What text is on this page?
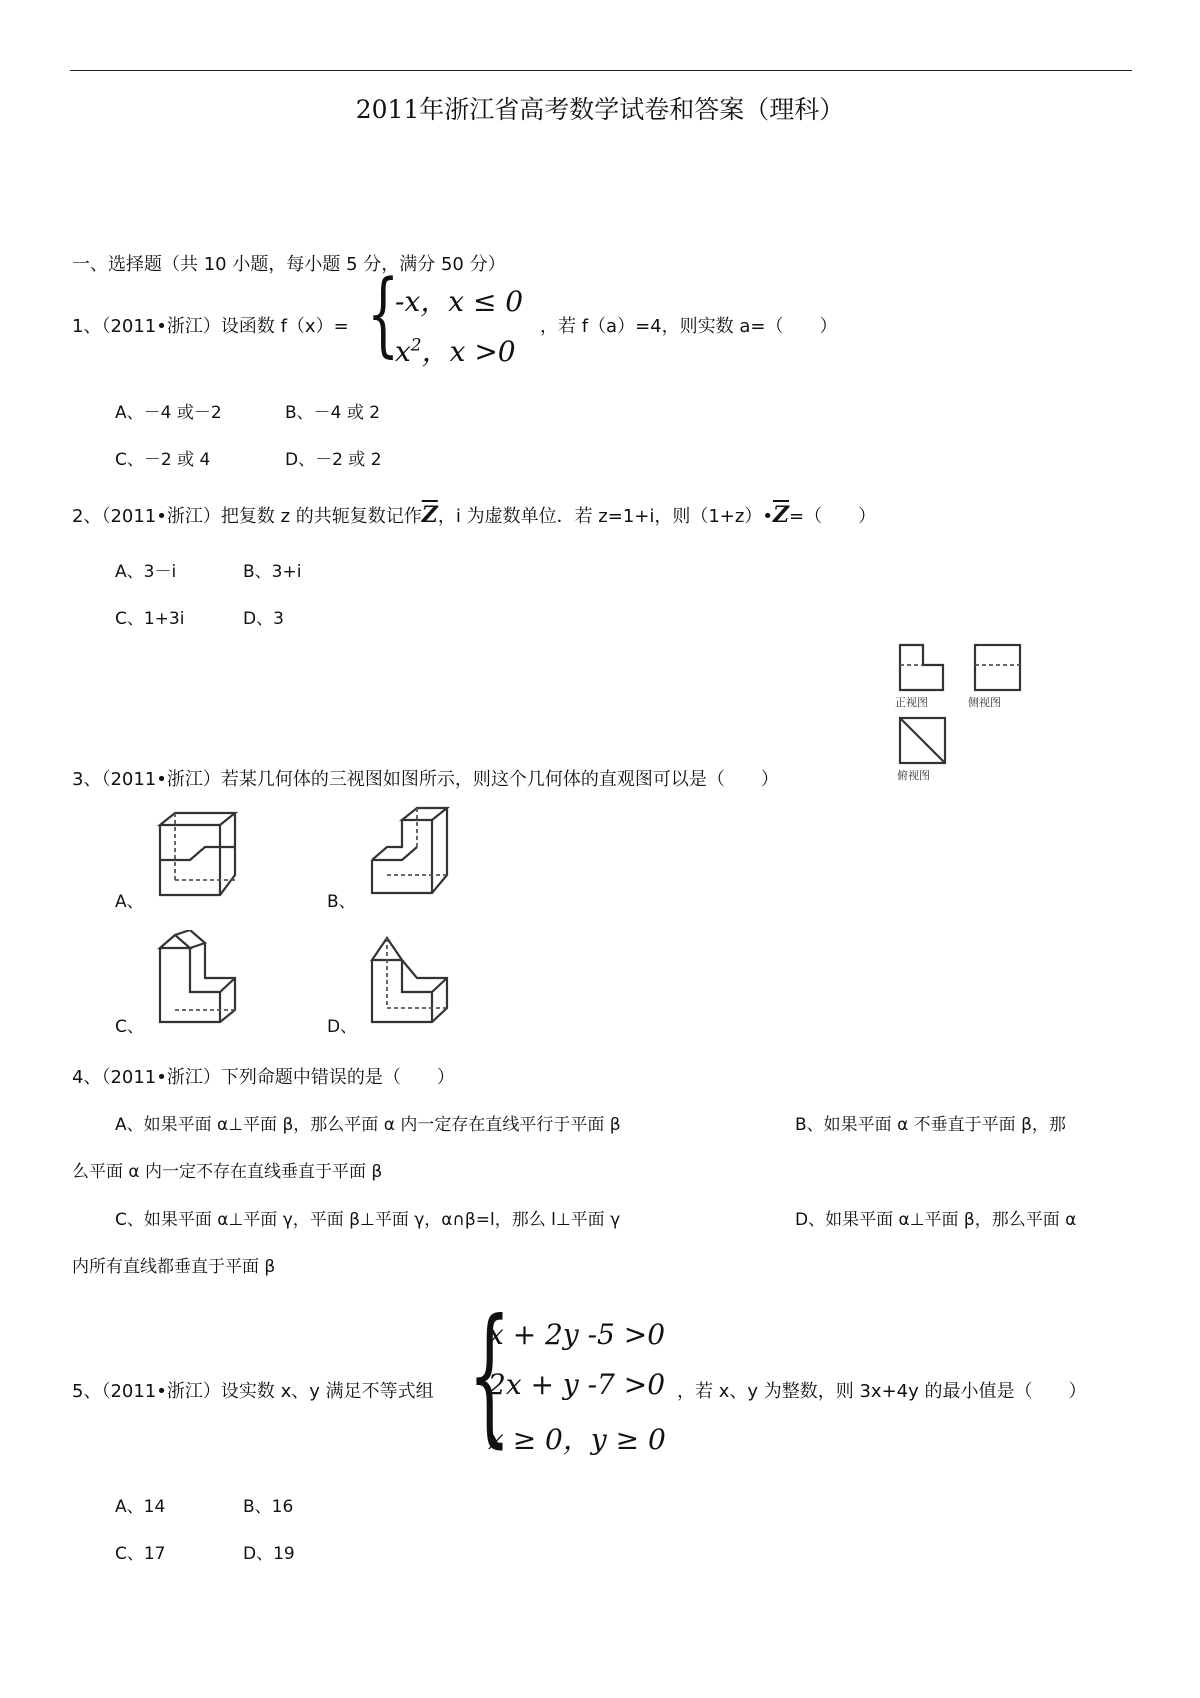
2011年浙江省高考数学试卷和答案（理科）
一、选择题（共 10 小题，每小题 5 分，满分 50 分）
1、（2011•浙江）设函数 f（x）= {
-x，x ≤ 0
$x^2$，x >0
，若 f（a）=4，则实数 a=（　　）
A、－4 或－2	B、－4 或 2
C、－2 或 4	D、－2 或 2
2、（2011•浙江）把复数 z 的共轭复数记作$\overline{Z}$，i 为虚数单位．若 z=1+i，则$(1+z)•\overline{Z}=$（　　）
A、3－i	B、3+i
C、1+3i	D、3
正视图	侧视图
俯视图
3、（2011•浙江）若某几何体的三视图如图所示，则这个几何体的直观图可以是（　　）
A、	B、
C、	D、
4、（2011•浙江）下列命题中错误的是（　　）
A、如果平面 α⊥平面 β，那么平面 α 内一定存在直线平行于平面 β	B、如果平面 α 不垂直于平面 β，那
么平面 α 内一定不存在直线垂直于平面 β
C、如果平面 α⊥平面 γ，平面 β⊥平面 γ，α∩β=l，那么 l⊥平面 γ	D、如果平面 α⊥平面 β，那么平面 α
内所有直线都垂直于平面 β
5、（2011•浙江）设实数 x、y 满足不等式组 {
x + 2y -5 >0
2x + y -7 >0
x ≥ 0，y ≥ 0
，若 x、y 为整数，则 3x+4y 的最小值是（　　）
A、14	B、16
C、17	D、19
